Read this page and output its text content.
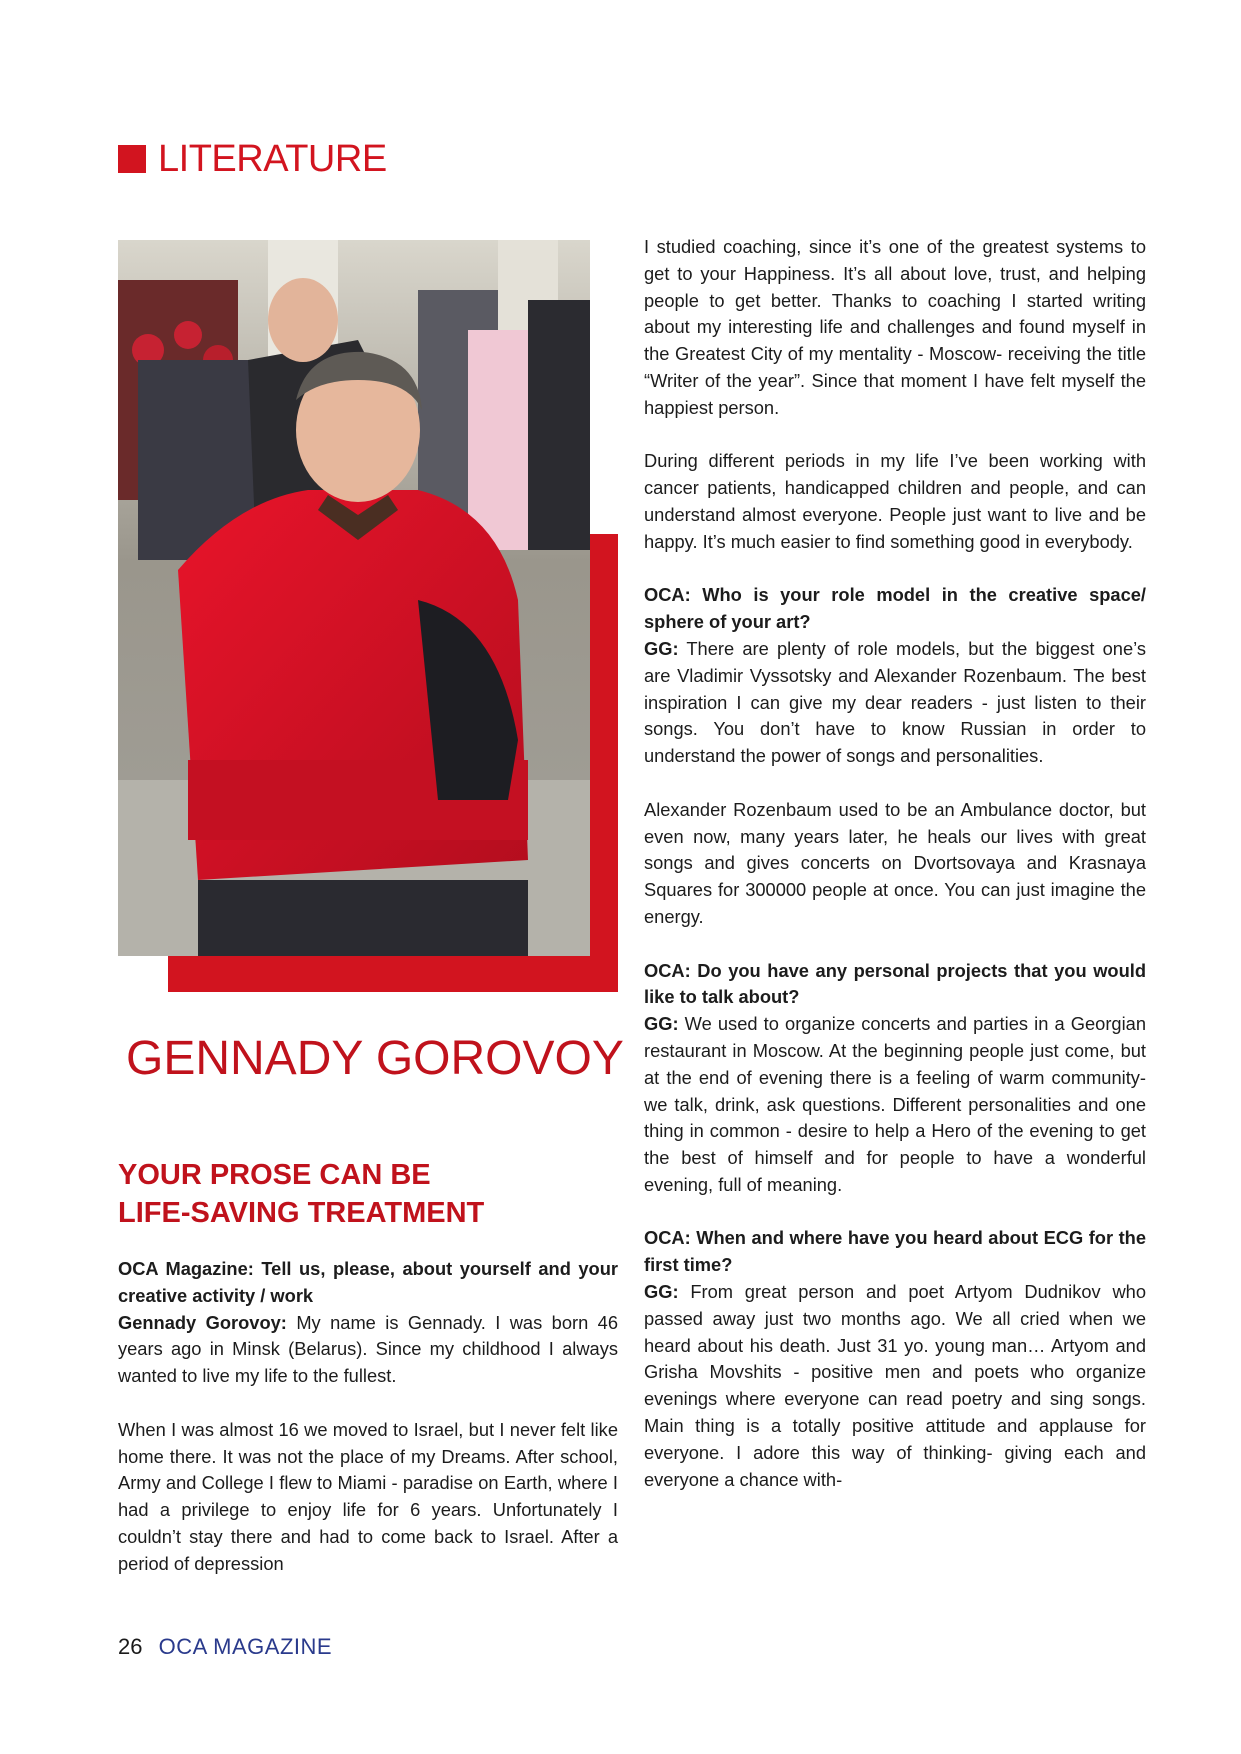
LITERATURE
GENNADY GOROVOY
YOUR PROSE CAN BE
LIFE-SAVING TREATMENT

OCA Magazine: Tell us, please, about yourself and your creative activity / work
Gennady Gorovoy: My name is Gennady. I was born 46 years ago in Minsk (Belarus). Since my childhood I always wanted to live my life to the fullest.

When I was almost 16 we moved to Israel, but I never felt like home there. It was not the place of my Dreams. After school, Army and College I flew to Miami - paradise on Earth, where I had a privilege to enjoy life for 6 years. Unfortunately I couldn’t stay there and had to come back to Israel. After a period of depression

I studied coaching, since it’s one of the greatest systems to get to your Happiness. It’s all about love, trust, and helping people to get better. Thanks to coaching I started writing about my interesting life and challenges and found myself in the Greatest City of my mentality - Moscow- receiving the title “Writer of the year”. Since that moment I have felt myself the happiest person.

During different periods in my life I’ve been working with cancer patients, handicapped children and people, and can understand almost everyone. People just want to live and be happy. It’s much easier to find something good in everybody.

OCA: Who is your role model in the creative space/ sphere of your art?
GG: There are plenty of role models, but the biggest one’s are Vladimir Vyssotsky and Alexander Rozenbaum. The best inspiration I can give my dear readers - just listen to their songs. You don’t have to know Russian in order to understand the power of songs and personalities.

Alexander Rozenbaum used to be an Ambulance doctor, but even now, many years later, he heals our lives with great songs and gives concerts on Dvortsovaya and Krasnaya Squares for 300000 people at once. You can just imagine the energy.

OCA: Do you have any personal projects that you would like to talk about?
GG: We used to organize concerts and parties in a Georgian restaurant in Moscow. At the beginning people just come, but at the end of evening there is a feeling of warm community- we talk, drink, ask questions. Different personalities and one thing in common - desire to help a Hero of the evening to get the best of himself and for people to have a wonderful evening, full of meaning.

OCA: When and where have you heard about ECG for the first time?
GG: From great person and poet Artyom Dudnikov who passed away just two months ago. We all cried when we heard about his death. Just 31 yo. young man… Artyom and Grisha Movshits - positive men and poets who organize evenings where everyone can read poetry and sing songs. Main thing is a totally positive attitude and applause for everyone. I adore this way of thinking- giving each and everyone a chance with-

26 OCA MAGAZINE
